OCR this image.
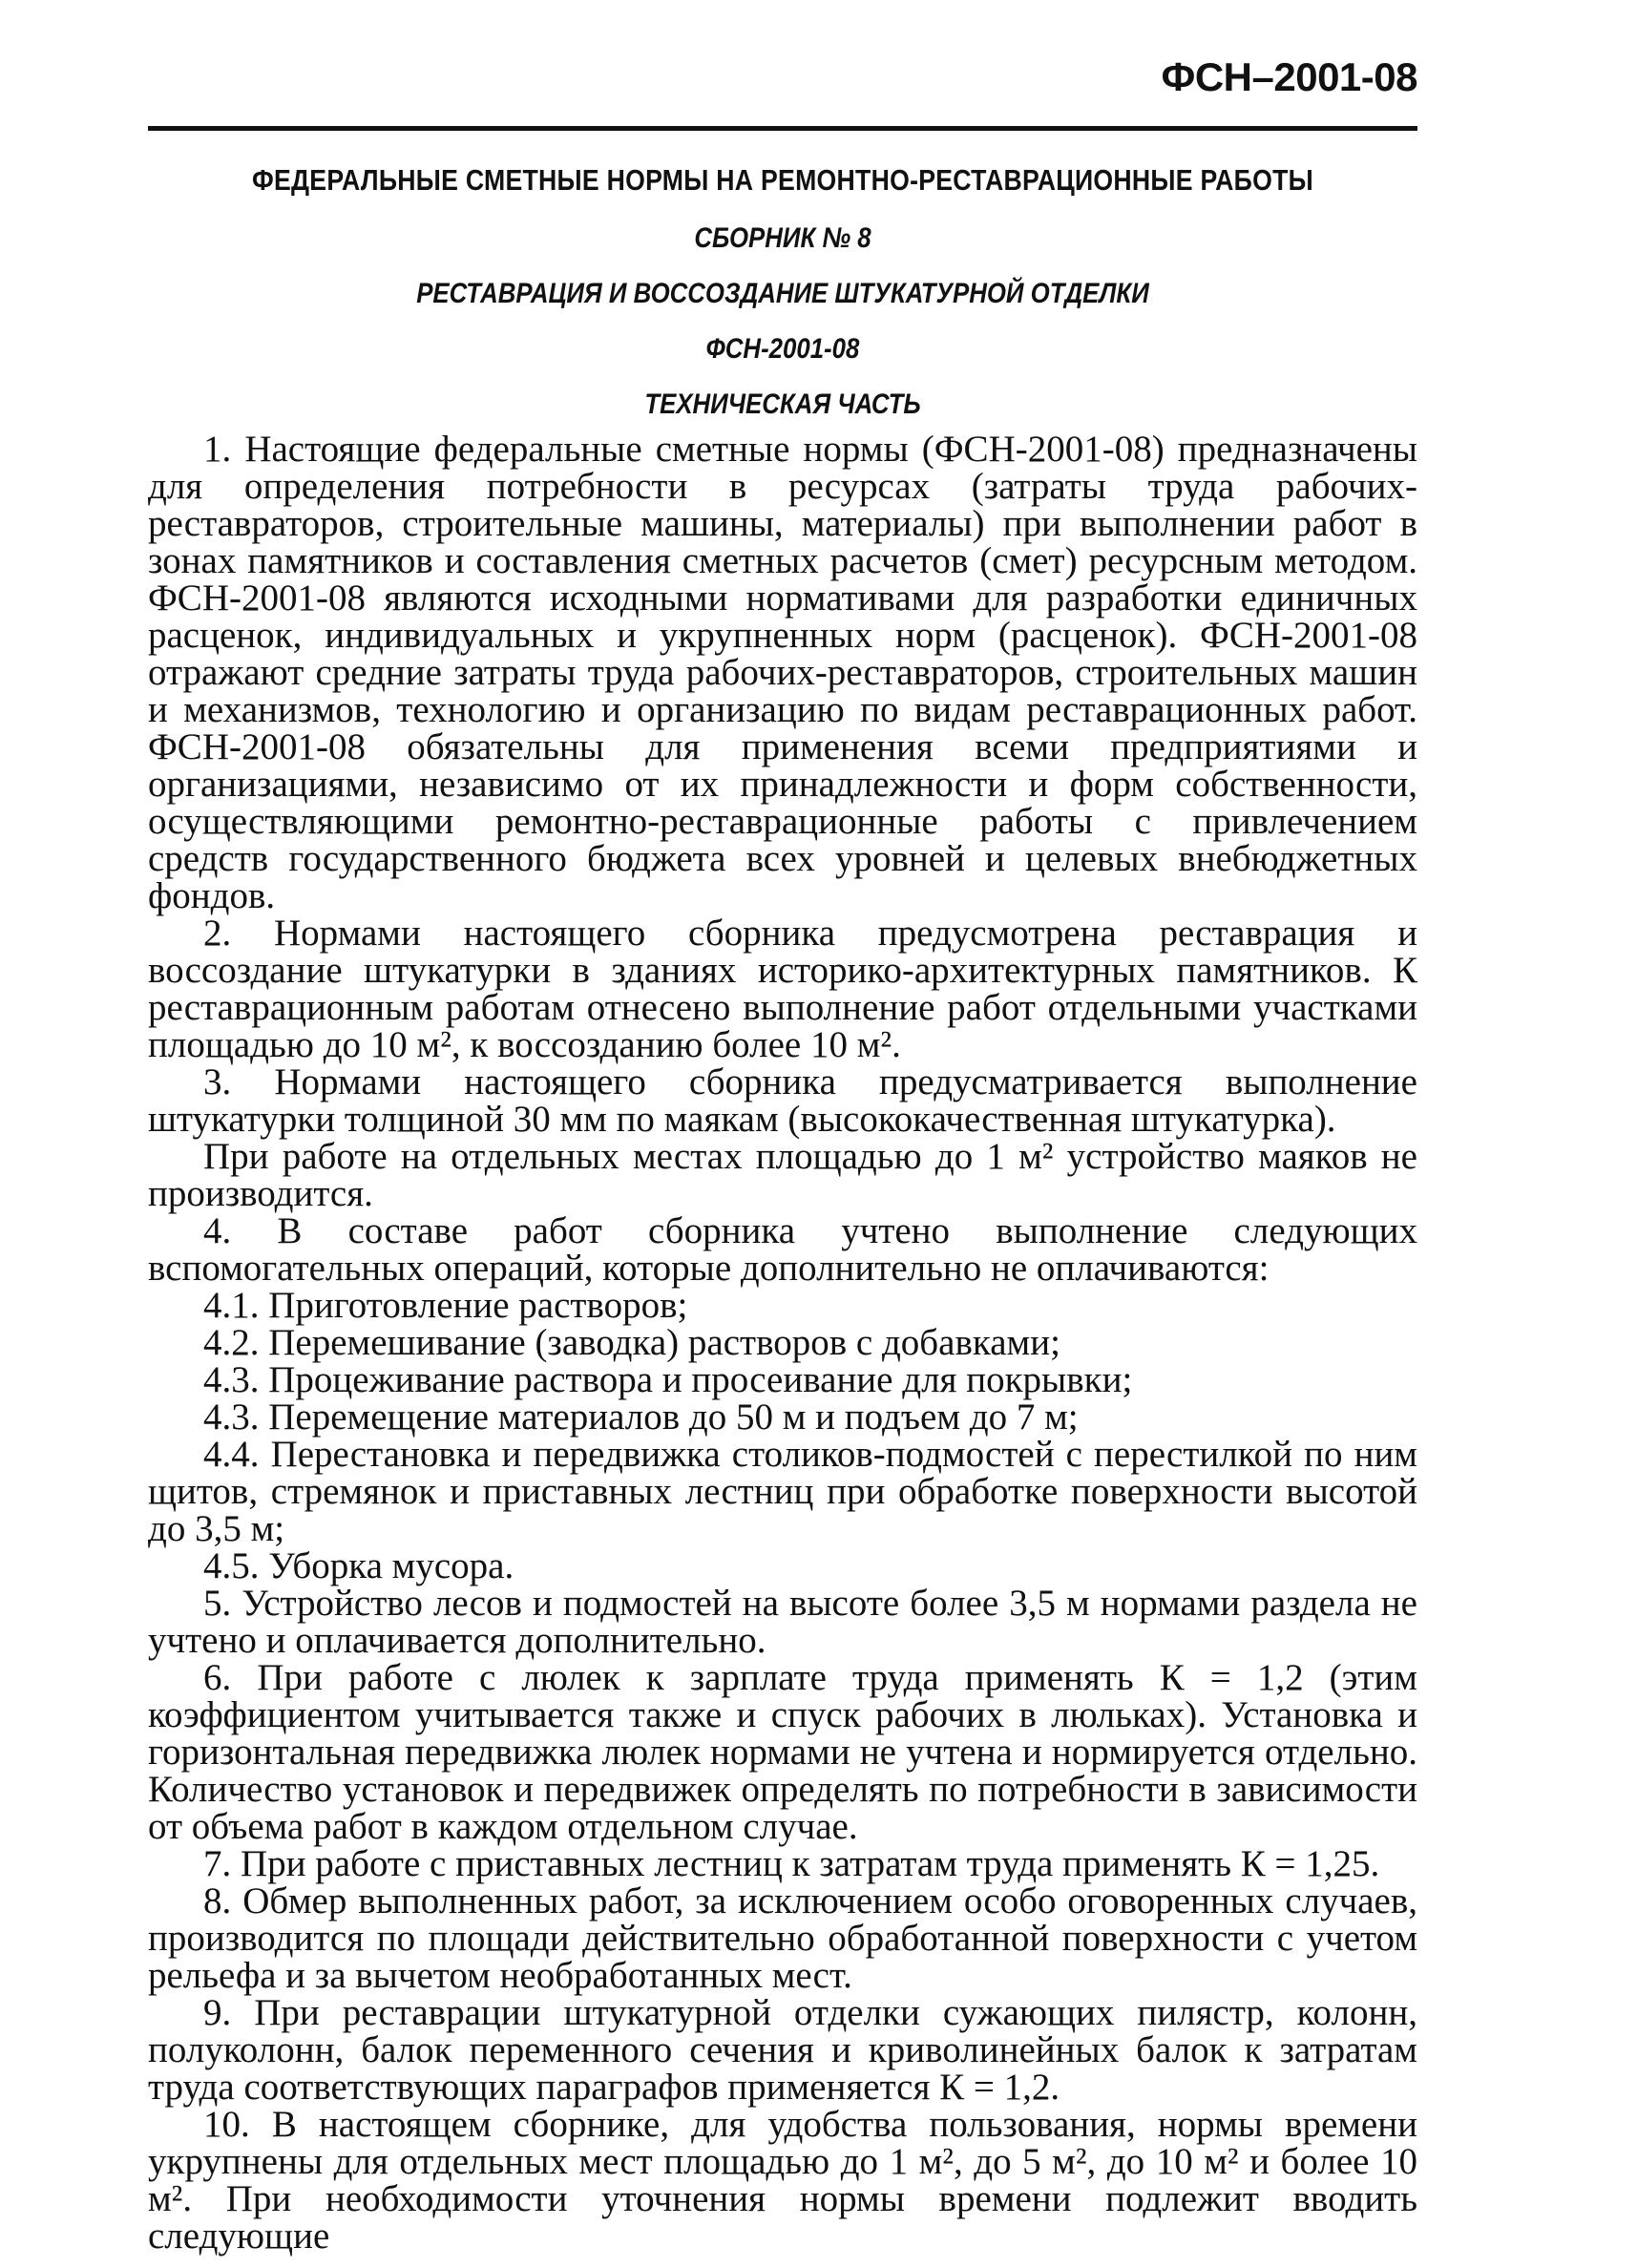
ФСН–2001-08
ФЕДЕРАЛЬНЫЕ СМЕТНЫЕ НОРМЫ НА РЕМОНТНО-РЕСТАВРАЦИОННЫЕ РАБОТЫ
СБОРНИК № 8
РЕСТАВРАЦИЯ И ВОССОЗДАНИЕ ШТУКАТУРНОЙ ОТДЕЛКИ
ФСН-2001-08
ТЕХНИЧЕСКАЯ ЧАСТЬ

1. Настоящие федеральные сметные нормы (ФСН-2001-08) предназначены для определения потребности в ресурсах (затраты труда рабочих-реставраторов, строительные машины, материалы) при выполнении работ в зонах памятников и составления сметных расчетов (смет) ресурсным методом. ФСН-2001-08 являются исходными нормативами для разработки единичных расценок, индивидуальных и укрупненных норм (расценок). ФСН-2001-08 отражают средние затраты труда рабочих-реставраторов, строительных машин и механизмов, технологию и организацию по видам реставрационных работ. ФСН-2001-08 обязательны для применения всеми предприятиями и организациями, независимо от их принадлежности и форм собственности, осуществляющими ремонтно-реставрационные работы с привлечением средств государственного бюджета всех уровней и целевых внебюджетных фондов.

2. Нормами настоящего сборника предусмотрена реставрация и воссоздание штукатурки в зданиях историко-архитектурных памятников. К реставрационным работам отнесено выполнение работ отдельными участками площадью до 10 м², к воссозданию более 10 м².

3. Нормами настоящего сборника предусматривается выполнение штукатурки толщиной 30 мм по маякам (высококачественная штукатурка).

При работе на отдельных местах площадью до 1 м² устройство маяков не производится.

4. В составе работ сборника учтено выполнение следующих вспомогательных операций, которые дополнительно не оплачиваются:

4.1. Приготовление растворов;

4.2. Перемешивание (заводка) растворов с добавками;

4.3. Процеживание раствора и просеивание для покрывки;

4.3. Перемещение материалов до 50 м и подъем до 7 м;

4.4. Перестановка и передвижка столиков-подмостей с перестилкой по ним щитов, стремянок и приставных лестниц при обработке поверхности высотой до 3,5 м;

4.5. Уборка мусора.

5. Устройство лесов и подмостей на высоте более 3,5 м нормами раздела не учтено и оплачивается дополнительно.

6. При работе с люлек к зарплате труда применять К = 1,2 (этим коэффициентом учитывается также и спуск рабочих в люльках). Установка и горизонтальная передвижка люлек нормами не учтена и нормируется отдельно. Количество установок и передвижек определять по потребности в зависимости от объема работ в каждом отдельном случае.

7. При работе с приставных лестниц к затратам труда применять К = 1,25.

8. Обмер выполненных работ, за исключением особо оговоренных случаев, производится по площади действительно обработанной поверхности с учетом рельефа и за вычетом необработанных мест.

9. При реставрации штукатурной отделки сужающих пилястр, колонн, полуколонн, балок переменного сечения и криволинейных балок к затратам труда соответствующих параграфов применяется К = 1,2.

10. В настоящем сборнике, для удобства пользования, нормы времени укрупнены для отдельных мест площадью до 1 м², до 5 м², до 10 м² и более 10 м². При необходимости уточнения нормы времени подлежит вводить следующие
